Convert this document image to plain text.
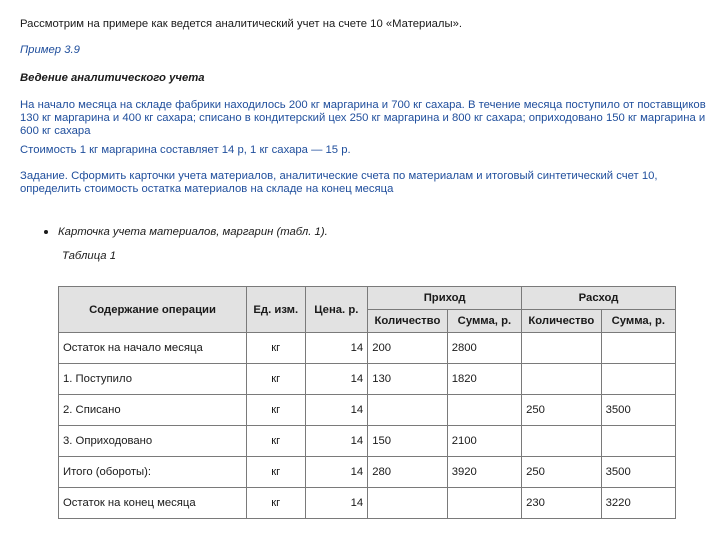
Рассмотрим на примере как ведется аналитический учет на счете 10 «Материалы».
Пример 3.9
Ведение аналитического учета
На начало месяца на складе фабрики находилось 200 кг маргарина и 700 кг сахара. В течение месяца поступило от поставщиков 130 кг маргарина и 400 кг сахара; списано в кондитерский цех 250 кг маргарина и 800 кг сахара; оприходовано 150 кг маргарина и 600 кг сахара
Стоимость 1 кг маргарина составляет 14 р, 1 кг сахара — 15 р.
Задание. Сформить карточки учета материалов, аналитические счета по материалам и итоговый синтетический счет 10, определить стоимость остатка материалов на складе на конец месяца
Карточка учета материалов, маргарин (табл. 1).
Таблица 1
Содержание операции	Ед. изм.	Цена. р.	Приход		Расход	
			Количество	Сумма, р.	Количество	Сумма, р.
Остаток на начало месяца	кг	14	200	2800		
1. Поступило	кг	14	130	1820		
2. Списано	кг	14			250	3500
3. Оприходовано	кг	14	150	2100		
Итого (обороты):	кг	14	280	3920	250	3500
Остаток на конец месяца	кг	14			230	3220
